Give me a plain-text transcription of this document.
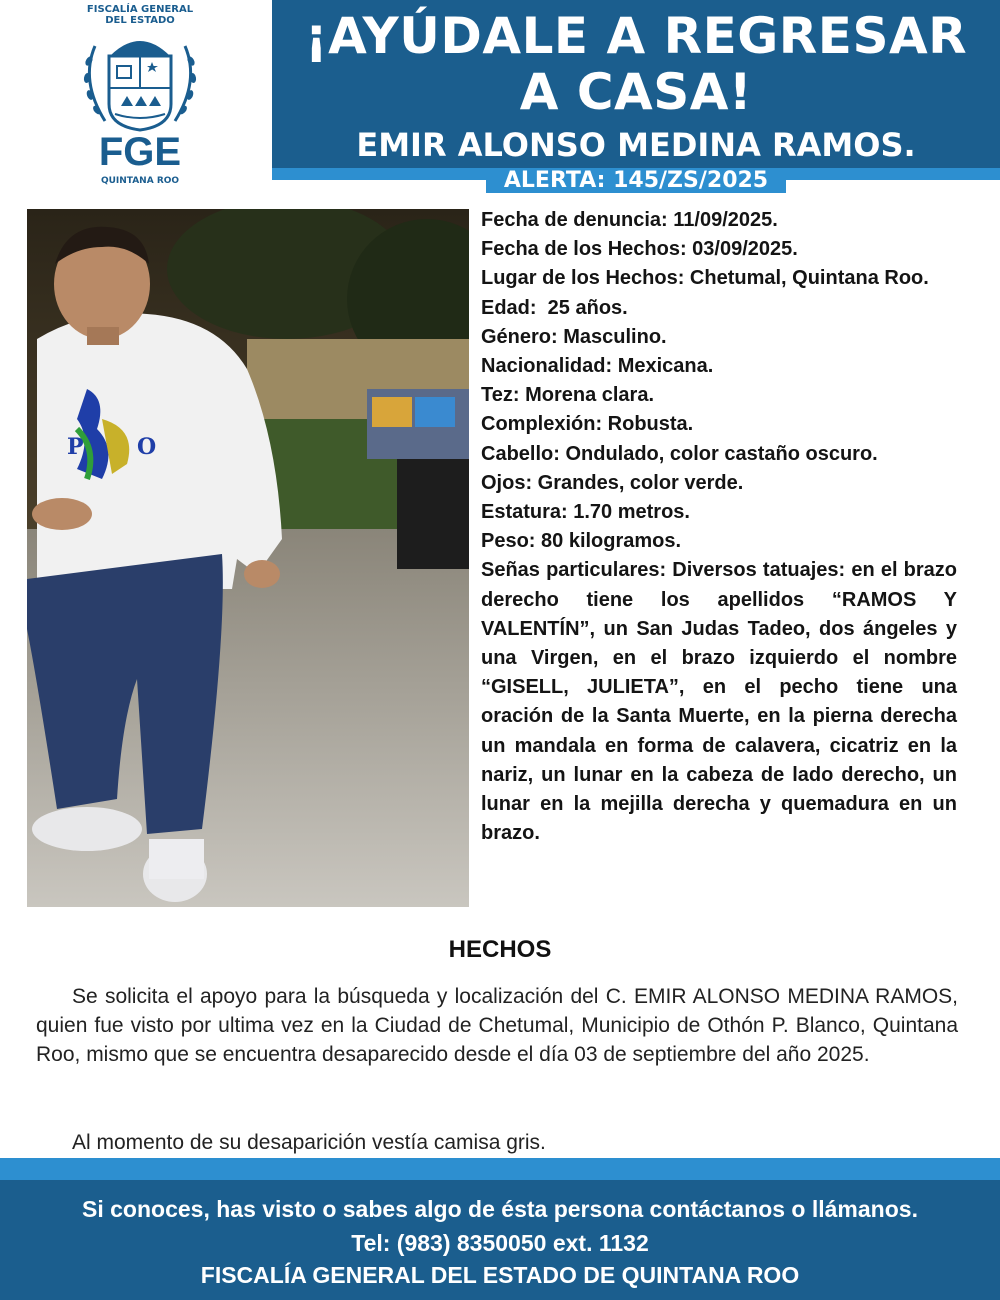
FISCALÍA GENERAL DEL ESTADO
FGE
QUINTANA ROO
¡AYÚDALE A REGRESAR
A CASA!
EMIR ALONSO MEDINA RAMOS.
ALERTA: 145/ZS/2025
P O

Fecha de denuncia: 11/09/2025.

Fecha de los Hechos: 03/09/2025.

Lugar de los Hechos: Chetumal, Quintana Roo.

Edad:  25 años.

Género: Masculino.

Nacionalidad: Mexicana.

Tez: Morena clara.

Complexión: Robusta.

Cabello: Ondulado, color castaño oscuro.

Ojos: Grandes, color verde.

Estatura: 1.70 metros.

Peso: 80 kilogramos.

Señas particulares: Diversos tatuajes: en el brazo derecho tiene los apellidos “RAMOS Y VALENTÍN”, un San Judas Tadeo, dos ángeles y una Virgen, en el brazo izquierdo el nombre “GISELL, JULIETA”, en el pecho tiene una oración de la Santa Muerte, en la pierna derecha un mandala en forma de calavera, cicatriz en la nariz, un lunar en la cabeza de lado derecho, un lunar en la mejilla derecha y quemadura en un brazo.

HECHOS

Se solicita el apoyo para la búsqueda y localización del C. EMIR ALONSO MEDINA RAMOS, quien fue visto por ultima vez en la Ciudad de Chetumal, Municipio de Othón P. Blanco, Quintana Roo, mismo que se encuentra desaparecido desde el día 03 de septiembre del año 2025.

Al momento de su desaparición vestía camisa gris.

Si conoces, has visto o sabes algo de ésta persona contáctanos o llámanos.
Tel: (983) 8350050 ext. 1132
FISCALÍA GENERAL DEL ESTADO DE QUINTANA ROO
